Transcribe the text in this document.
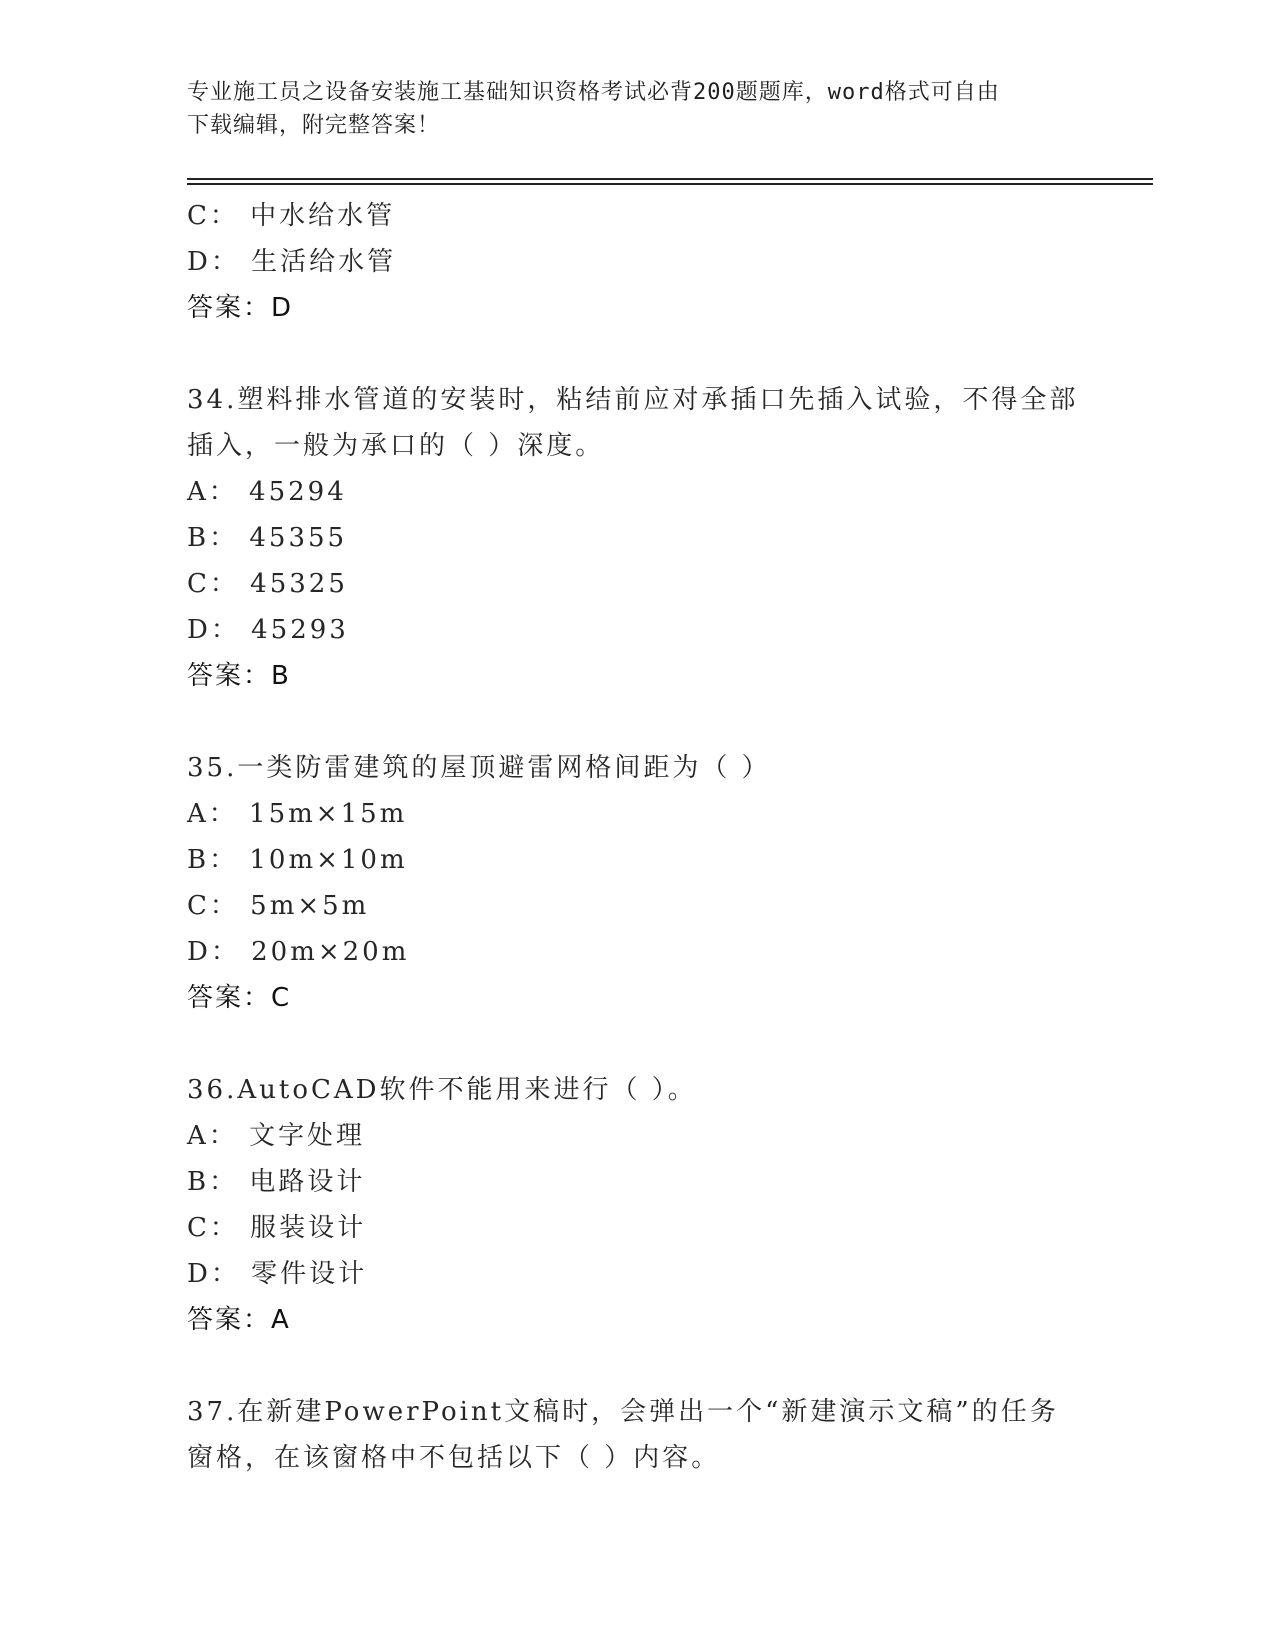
专业施工员之设备安装施工基础知识资格考试必背200题题库，word格式可自由
下载编辑，附完整答案！
C： 中水给水管
D： 生活给水管
答案：D
34.塑料排水管道的安装时，粘结前应对承插口先插入试验，不得全部
插入，一般为承口的（ ）深度。
A： 45294
B： 45355
C： 45325
D： 45293
答案：B
35.一类防雷建筑的屋顶避雷网格间距为（ ）
A： 15m×15m
B： 10m×10m
C： 5m×5m
D： 20m×20m
答案：C
36.AutoCAD软件不能用来进行（ ）。
A： 文字处理
B： 电路设计
C： 服装设计
D： 零件设计
答案：A
37.在新建PowerPoint文稿时，会弹出一个“新建演示文稿”的任务
窗格，在该窗格中不包括以下（ ）内容。
